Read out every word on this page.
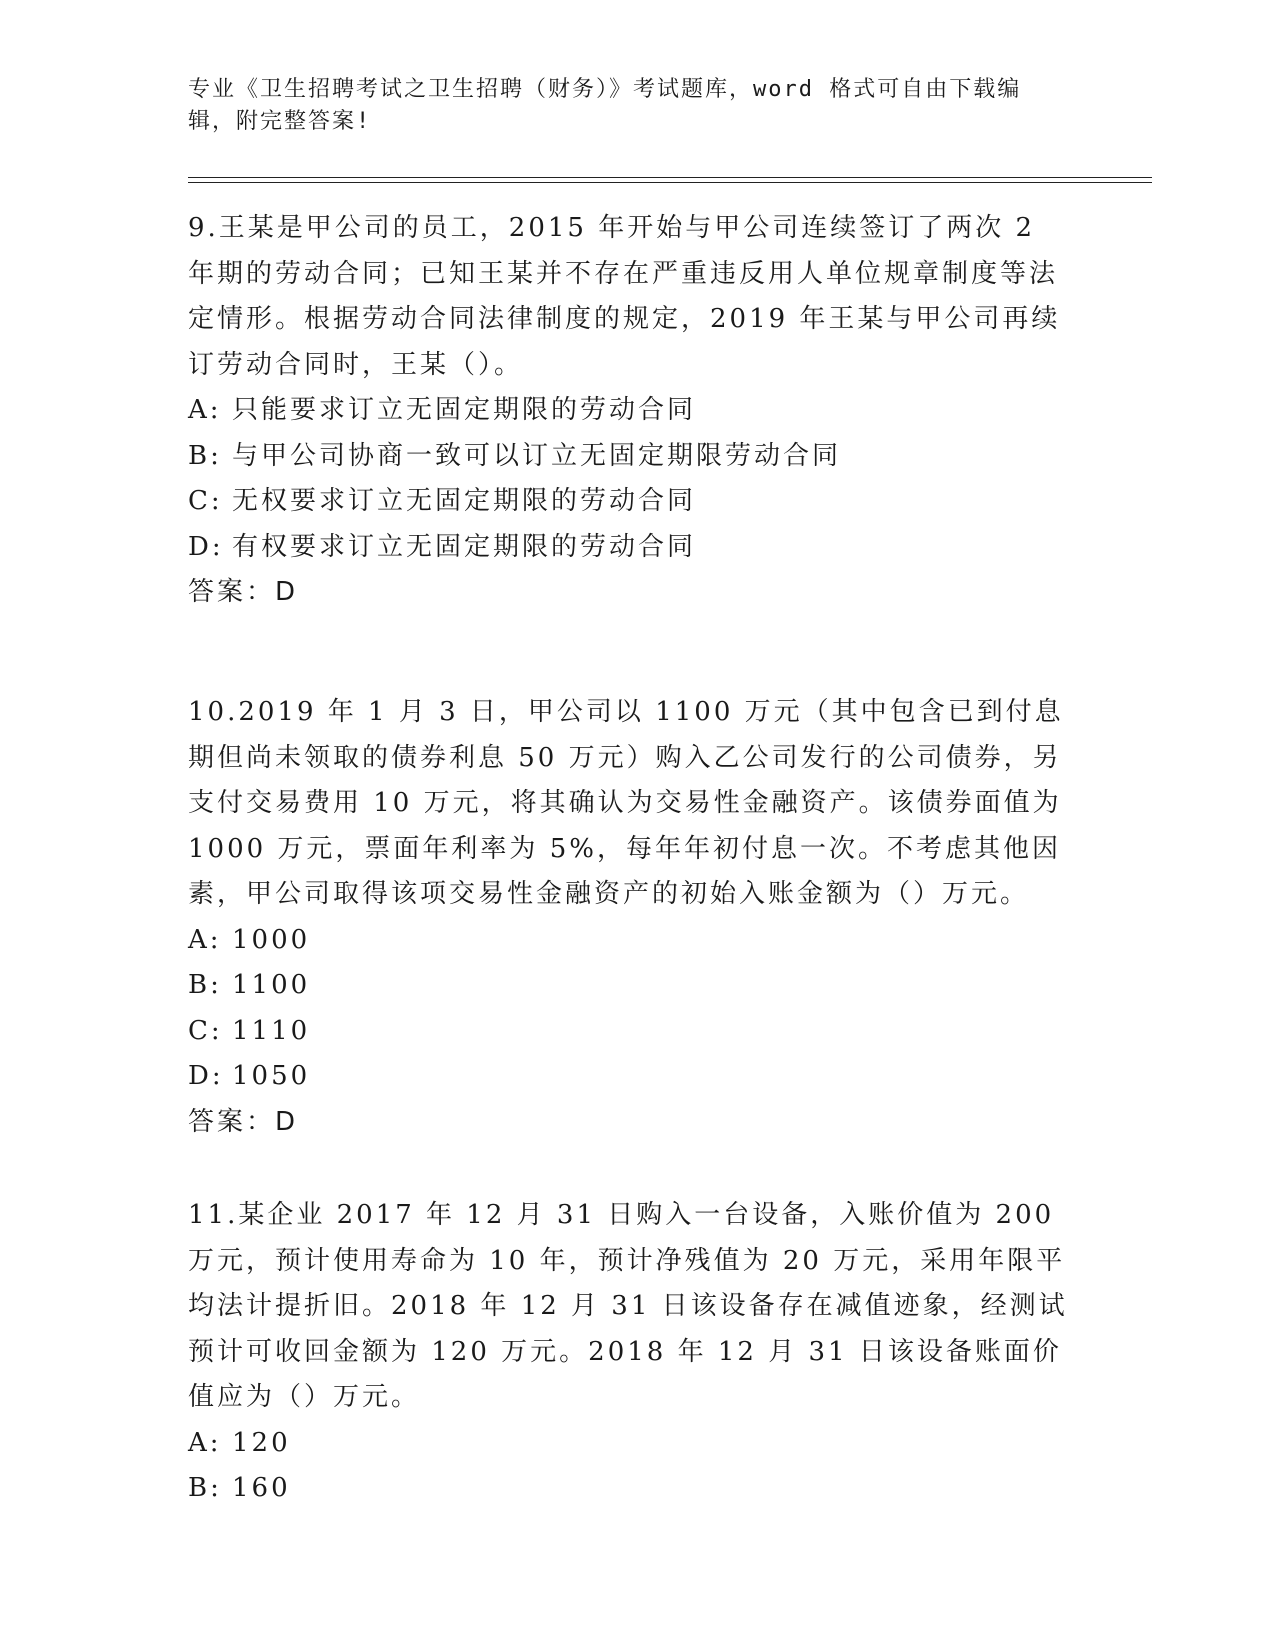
专业《卫生招聘考试之卫生招聘（财务）》考试题库，word 格式可自由下载编辑，附完整答案!

9.王某是甲公司的员工，2015 年开始与甲公司连续签订了两次 2 年期的劳动合同；已知王某并不存在严重违反用人单位规章制度等法定情形。根据劳动合同法律制度的规定，2019 年王某与甲公司再续订劳动合同时，王某（）。

A: 只能要求订立无固定期限的劳动合同

B: 与甲公司协商一致可以订立无固定期限劳动合同

C: 无权要求订立无固定期限的劳动合同

D: 有权要求订立无固定期限的劳动合同

答案：D

10.2019 年 1 月 3 日，甲公司以 1100 万元（其中包含已到付息期但尚未领取的债券利息 50 万元）购入乙公司发行的公司债券，另支付交易费用 10 万元，将其确认为交易性金融资产。该债券面值为 1000 万元，票面年利率为 5%，每年年初付息一次。不考虑其他因素，甲公司取得该项交易性金融资产的初始入账金额为（）万元。

A: 1000

B: 1100

C: 1110

D: 1050

答案：D

11.某企业 2017 年 12 月 31 日购入一台设备，入账价值为 200 万元，预计使用寿命为 10 年，预计净残值为 20 万元，采用年限平均法计提折旧。2018 年 12 月 31 日该设备存在减值迹象，经测试预计可收回金额为 120 万元。2018 年 12 月 31 日该设备账面价值应为（）万元。

A: 120

B: 160
